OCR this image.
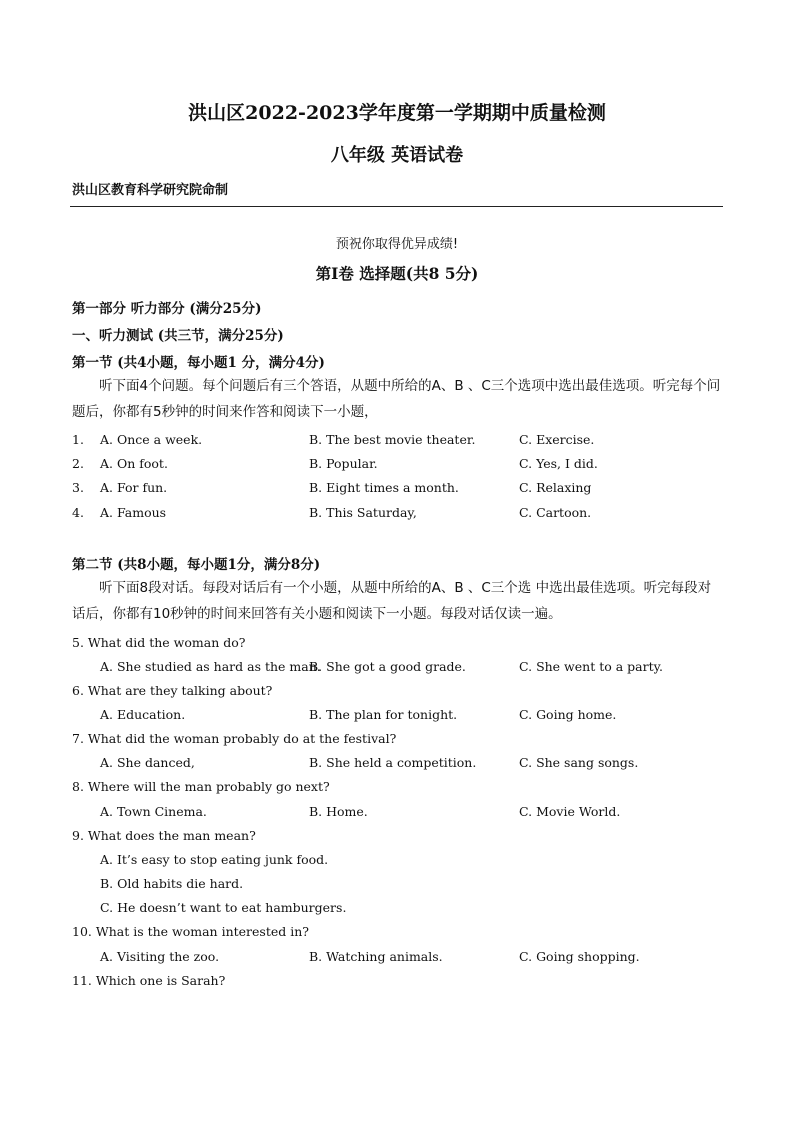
洪山区2022-2023学年度第一学期期中质量检测
八年级 英语试卷
洪山区教育科学研究院命制
预祝你取得优异成绩!
第I卷 选择题(共8 5分)
第一部分 听力部分 (满分25分)
一、听力测试 (共三节，满分25分)
第一节 (共4小题，每小题1 分，满分4分)
听下面4个问题。每个问题后有三个答语，从题中所给的A、B 、C三个选项中选出最佳选项。听完每个问题后，你都有5秒钟的时间来作答和阅读下一小题，
1. A. Once a week.	B. The best movie theater.	C. Exercise.
2. A. On foot.	B. Popular.	C. Yes, I did.
3. A. For fun.	B. Eight times a month.	C. Relaxing
4. A. Famous	B. This Saturday,	C. Cartoon.
第二节 (共8小题，每小题1分，满分8分)
听下面8段对话。每段对话后有一个小题，从题中所给的A、B 、C三个选 中选出最佳选项。听完每段对话后，你都有10秒钟的时间来回答有关小题和阅读下一小题。每段对话仅读一遍。
5. What did the woman do?
A. She studied as hard as the man.
B. She got a good grade.	C. She went to a party.
6. What are they talking about?
A. Education.	B. The plan for tonight.	C. Going home.
7. What did the woman probably do at the festival?
A. She danced,	B. She held a competition.	C. She sang songs.
8. Where will the man probably go next?
A. Town Cinema.	B. Home.	C. Movie World.
9. What does the man mean?
A. It’s easy to stop eating junk food.
B. Old habits die hard.
C. He doesn’t want to eat hamburgers.
10. What is the woman interested in?
A. Visiting the zoo.	B. Watching animals.	C. Going shopping.
11. Which one is Sarah?
